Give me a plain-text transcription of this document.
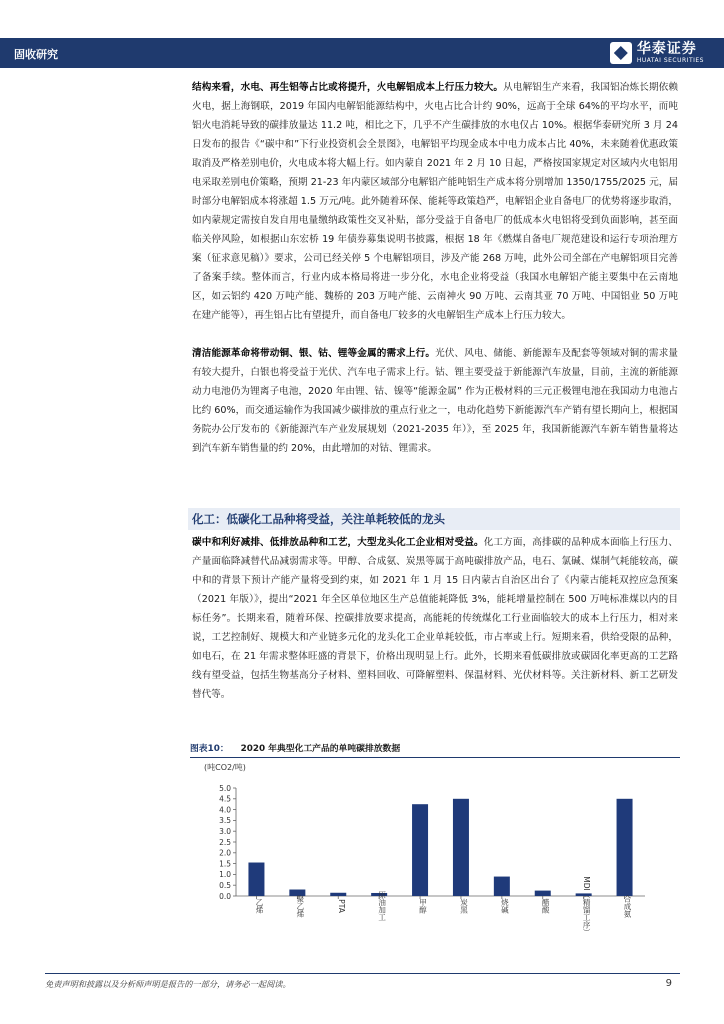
固收研究	华泰证券
HUATAI SECURITIES

结构来看，水电、再生铝等占比或将提升，火电解铝成本上行压力较大。从电解铝生产来看，我国铝冶炼长期依赖火电，据上海钢联，2019 年国内电解铝能源结构中，火电占比合计约 90%，远高于全球 64%的平均水平，而吨铝火电消耗导致的碳排放量达 11.2 吨，相比之下，几乎不产生碳排放的水电仅占 10%。根据华泰研究所 3 月 24 日发布的报告《“碳中和”下行业投资机会全景图》，电解铝平均现金成本中电力成本占比 40%，未来随着优惠政策取消及严格差别电价，火电成本将大幅上行。如内蒙自 2021 年 2 月 10 日起，严格按国家规定对区域内火电铝用电采取差别电价策略，预期 21-23 年内蒙区域部分电解铝产能吨铝生产成本将分别增加 1350/1755/2025 元，届时部分电解铝成本将涨超 1.5 万元/吨。此外随着环保、能耗等政策趋严，电解铝企业自备电厂的优势将逐步取消，如内蒙规定需按自发自用电量缴纳政策性交叉补贴，部分受益于自备电厂的低成本火电铝将受到负面影响，甚至面临关停风险，如根据山东宏桥 19 年债券募集说明书披露，根据 18 年《燃煤自备电厂规范建设和运行专项治理方案（征求意见稿）》要求，公司已经关停 5 个电解铝项目，涉及产能 268 万吨，此外公司全部在产电解铝项目完善了备案手续。整体而言，行业内成本格局将进一步分化，水电企业将受益（我国水电解铝产能主要集中在云南地区，如云铝约 420 万吨产能、魏桥的 203 万吨产能、云南神火 90 万吨、云南其亚 70 万吨、中国铝业 50 万吨在建产能等），再生铝占比有望提升，而自备电厂较多的火电解铝生产成本上行压力较大。

清洁能源革命将带动铜、银、钴、锂等金属的需求上行。光伏、风电、储能、新能源车及配套等领域对铜的需求量有较大提升，白银也将受益于光伏、汽车电子需求上行。钴、锂主要受益于新能源汽车放量，目前，主流的新能源动力电池仍为锂离子电池，2020 年由锂、钴、镍等“能源金属” 作为正极材料的三元正极锂电池在我国动力电池占比约 60%，而交通运输作为我国减少碳排放的重点行业之一，电动化趋势下新能源汽车产销有望长期向上，根据国务院办公厅发布的《新能源汽车产业发展规划（2021-2035 年）》，至 2025 年，我国新能源汽车新车销售量将达到汽车新车销售量的约 20%，由此增加的对钴、锂需求。

化工：低碳化工品种将受益，关注单耗较低的龙头

碳中和利好减排、低排放品种和工艺，大型龙头化工企业相对受益。化工方面，高排碳的品种成本面临上行压力、产量面临降减替代品减弱需求等。甲醇、合成氨、炭黑等属于高吨碳排放产品，电石、氯碱、煤制气耗能较高，碳中和的背景下预计产能产量将受到约束，如 2021 年 1 月 15 日内蒙古自治区出台了《内蒙古能耗双控应急预案（2021 年版）》，提出“2021 年全区单位地区生产总值能耗降低 3%，能耗增量控制在 500 万吨标准煤以内的目标任务”。长期来看，随着环保、控碳排放要求提高，高能耗的传统煤化工行业面临较大的成本上行压力，相对来说，工艺控制好、规模大和产业链多元化的龙头化工企业单耗较低，市占率或上行。短期来看，供给受限的品种，如电石，在 21 年需求整体旺盛的背景下，价格出现明显上行。此外，长期来看低碳排放或碳固化率更高的工艺路线有望受益，包括生物基高分子材料、塑料回收、可降解塑料、保温材料、光伏材料等。关注新材料、新工艺研发替代等。

图表10： 2020 年典型化工产品的单吨碳排放数据
(吨CO2/吨)
0.0
0.5
1.0
1.5
2.0
2.5
3.0
3.5
4.0
4.5
5.0
乙烯	聚乙烯	PTA	原油加工	甲醇	炭黑	烧碱	醋酸	MDI（精馏工序）	合成氨
免责声明和披露以及分析师声明是报告的一部分，请务必一起阅读。	9
